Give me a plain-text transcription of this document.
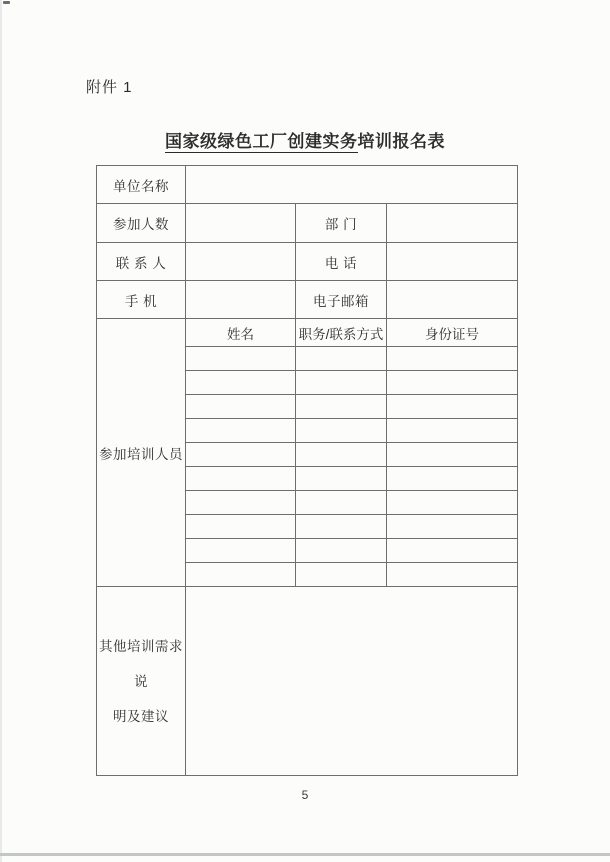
附件 1
国家级绿色工厂创建实务培训报名表
单位名称			
参加人数		部 门	
联 系 人		电 话	
手 机		电子邮箱	
参加培训人员	姓名	职务/联系方式	身份证号

其他培训需求说
明及建议			

5
